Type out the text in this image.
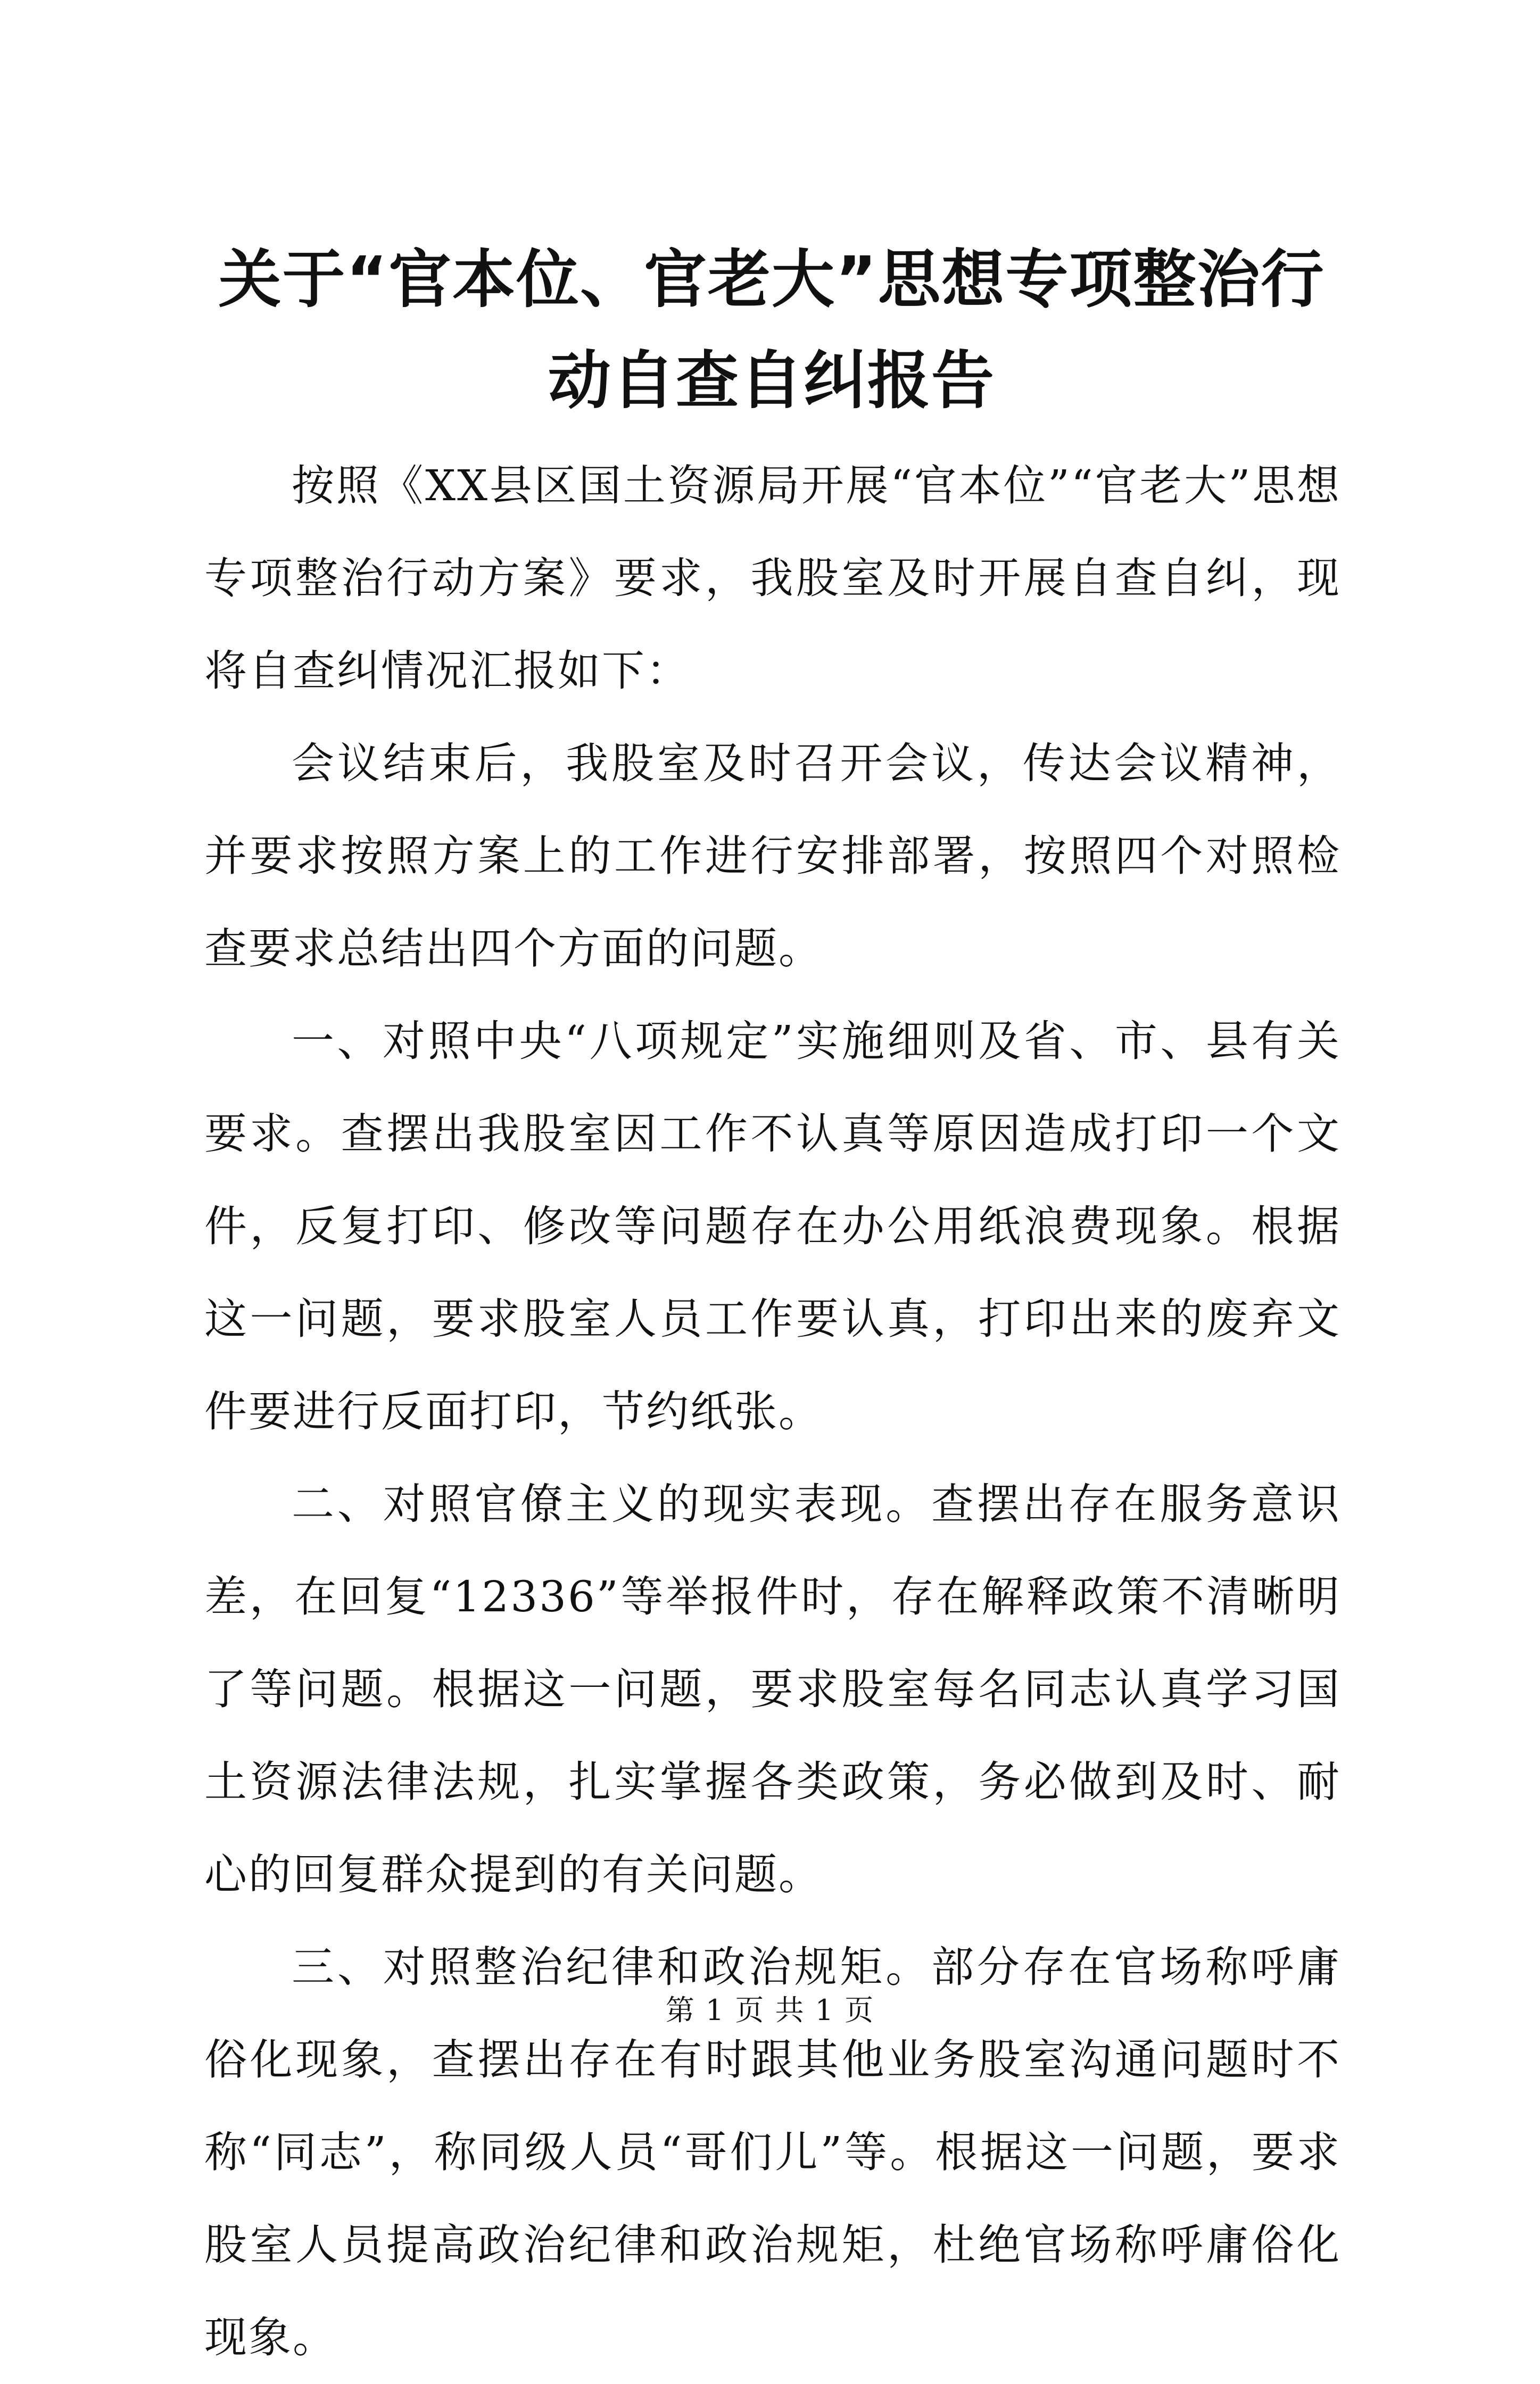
关于“官本位、官老大”思想专项整治行动自查自纠报告

按照《XX县区国土资源局开展“官本位”“官老大”思想专项整治行动方案》要求，我股室及时开展自查自纠，现将自查纠情况汇报如下：

会议结束后，我股室及时召开会议，传达会议精神，并要求按照方案上的工作进行安排部署，按照四个对照检查要求总结出四个方面的问题。

一、对照中央“八项规定”实施细则及省、市、县有关要求。查摆出我股室因工作不认真等原因造成打印一个文件，反复打印、修改等问题存在办公用纸浪费现象。根据这一问题，要求股室人员工作要认真，打印出来的废弃文件要进行反面打印，节约纸张。

二、对照官僚主义的现实表现。查摆出存在服务意识差，在回复“12336”等举报件时，存在解释政策不清晰明了等问题。根据这一问题，要求股室每名同志认真学习国土资源法律法规，扎实掌握各类政策，务必做到及时、耐心的回复群众提到的有关问题。

三、对照整治纪律和政治规矩。部分存在官场称呼庸俗化现象，查摆出存在有时跟其他业务股室沟通问题时不称“同志”，称同级人员“哥们儿”等。根据这一问题，要求股室人员提高政治纪律和政治规矩，杜绝官场称呼庸俗化现象。

第 1 页 共 1 页
